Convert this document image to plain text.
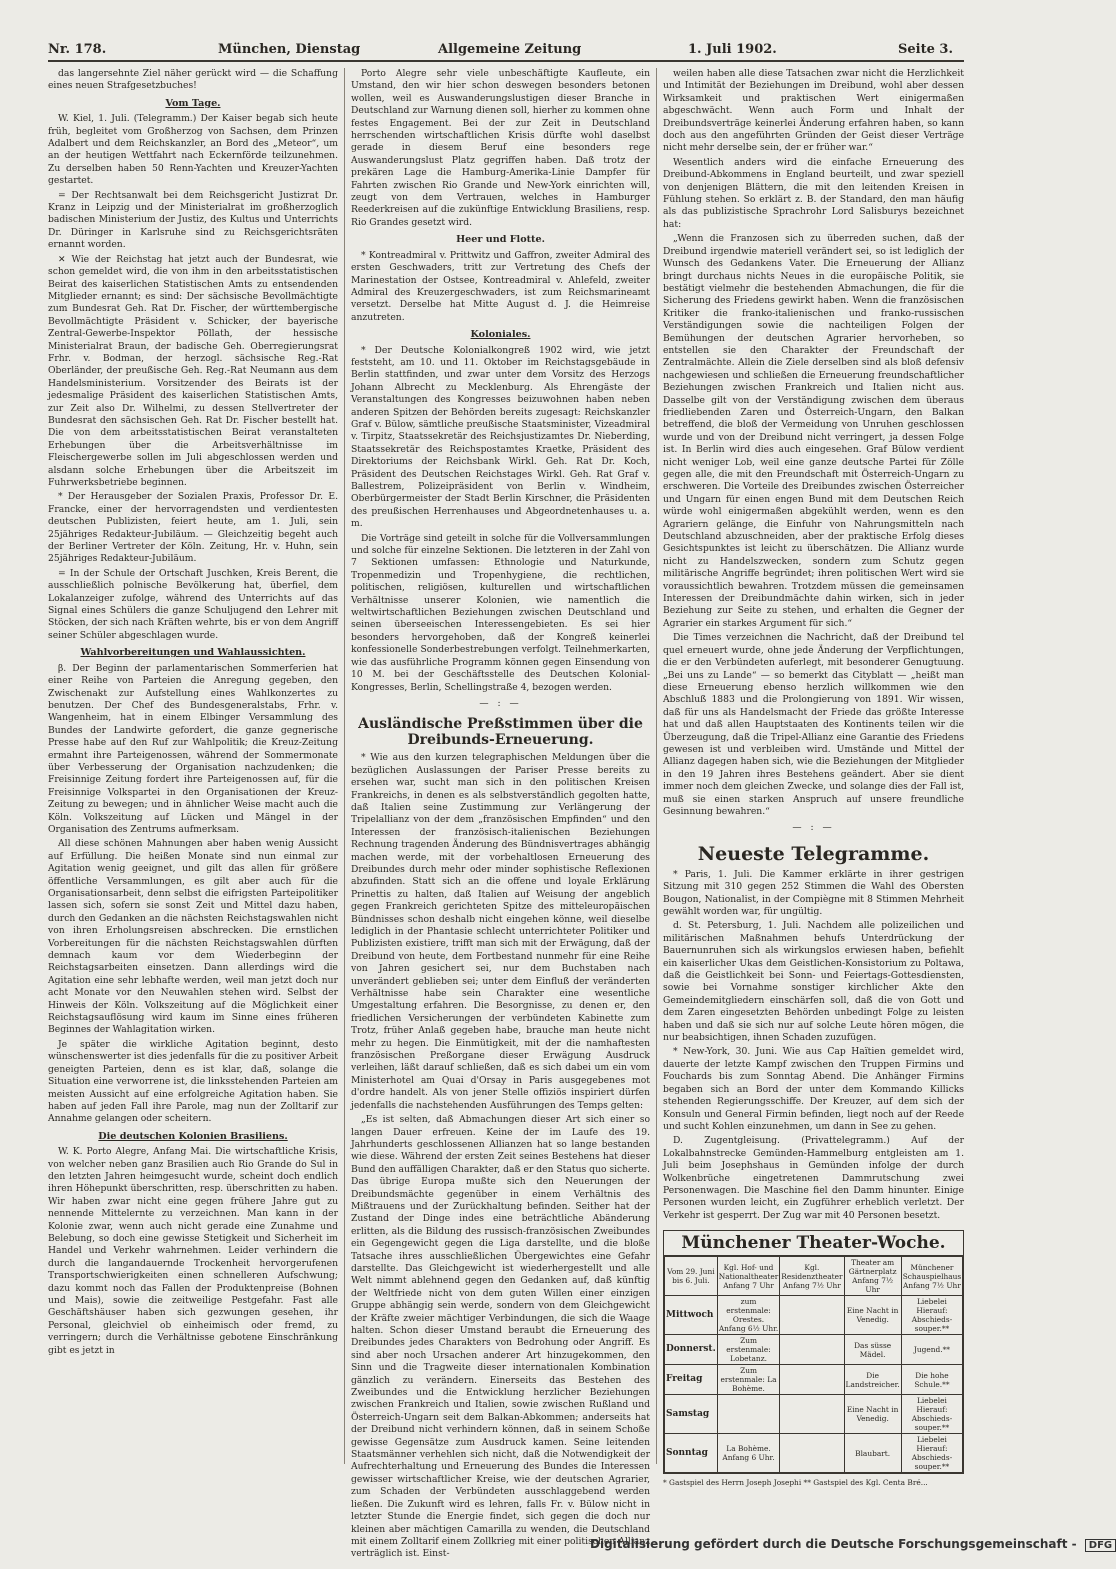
Nr. 178.	München, Dienstag	Allgemeine Zeitung	1. Juli 1902.	Seite 3.

das langersehnte Ziel näher gerückt wird — die Schaffung eines neuen Strafgesetzbuches!

Vom Tage.

W. Kiel, 1. Juli. (Telegramm.) Der Kaiser begab sich heute früh, begleitet vom Großherzog von Sachsen, dem Prinzen Adalbert und dem Reichskanzler, an Bord des „Meteor“, um an der heutigen Wettfahrt nach Eckernförde teilzunehmen. Zu derselben haben 50 Renn-Yachten und Kreuzer-Yachten gestartet.

= Der Rechtsanwalt bei dem Reichsgericht Justizrat Dr. Kranz in Leipzig und der Ministerialrat im großherzoglich badischen Ministerium der Justiz, des Kultus und Unterrichts Dr. Düringer in Karlsruhe sind zu Reichsgerichtsräten ernannt worden.

✕ Wie der Reichstag hat jetzt auch der Bundesrat, wie schon gemeldet wird, die von ihm in den arbeitsstatistischen Beirat des kaiserlichen Statistischen Amts zu entsendenden Mitglieder ernannt; es sind: Der sächsische Bevollmächtigte zum Bundesrat Geh. Rat Dr. Fischer, der württembergische Bevollmächtigte Präsident v. Schicker, der bayerische Zentral-Gewerbe-Inspektor Pöllath, der hessische Ministerialrat Braun, der badische Geh. Oberregierungsrat Frhr. v. Bodman, der herzogl. sächsische Reg.-Rat Oberländer, der preußische Geh. Reg.-Rat Neumann aus dem Handelsministerium. Vorsitzender des Beirats ist der jedesmalige Präsident des kaiserlichen Statistischen Amts, zur Zeit also Dr. Wilhelmi, zu dessen Stellvertreter der Bundesrat den sächsischen Geh. Rat Dr. Fischer bestellt hat. Die von dem arbeitsstatistischen Beirat veranstalteten Erhebungen über die Arbeitsverhältnisse im Fleischergewerbe sollen im Juli abgeschlossen werden und alsdann solche Erhebungen über die Arbeitszeit im Fuhrwerksbetriebe beginnen.

* Der Herausgeber der Sozialen Praxis, Professor Dr. E. Francke, einer der hervorragendsten und verdientesten deutschen Publizisten, feiert heute, am 1. Juli, sein 25jähriges Redakteur-Jubiläum. — Gleichzeitig begeht auch der Berliner Vertreter der Köln. Zeitung, Hr. v. Huhn, sein 25jähriges Redakteur-Jubiläum.

= In der Schule der Ortschaft Juschken, Kreis Berent, die ausschließlich polnische Bevölkerung hat, überfiel, dem Lokalanzeiger zufolge, während des Unterrichts auf das Signal eines Schülers die ganze Schuljugend den Lehrer mit Stöcken, der sich nach Kräften wehrte, bis er von dem Angriff seiner Schüler abgeschlagen wurde.

Wahlvorbereitungen und Wahlaussichten.

β. Der Beginn der parlamentarischen Sommerferien hat einer Reihe von Parteien die Anregung gegeben, den Zwischenakt zur Aufstellung eines Wahlkonzertes zu benutzen. Der Chef des Bundesgeneralstabs, Frhr. v. Wangenheim, hat in einem Elbinger Versammlung des Bundes der Landwirte gefordert, die ganze gegnerische Presse habe auf den Ruf zur Wahlpolitik; die Kreuz-Zeitung ermahnt ihre Parteigenossen, während der Sommermonate über Verbesserung der Organisation nachzudenken; die Freisinnige Zeitung fordert ihre Parteigenossen auf, für die Freisinnige Volkspartei in den Organisationen der Kreuz-Zeitung zu bewegen; und in ähnlicher Weise macht auch die Köln. Volkszeitung auf Lücken und Mängel in der Organisation des Zentrums aufmerksam.

All diese schönen Mahnungen aber haben wenig Aussicht auf Erfüllung. Die heißen Monate sind nun einmal zur Agitation wenig geeignet, und gilt das allen für größere öffentliche Versammlungen, es gilt aber auch für die Organisationsarbeit, denn selbst die eifrigsten Parteipolitiker lassen sich, sofern sie sonst Zeit und Mittel dazu haben, durch den Gedanken an die nächsten Reichstagswahlen nicht von ihren Erholungsreisen abschrecken. Die ernstlichen Vorbereitungen für die nächsten Reichstagswahlen dürften demnach kaum vor dem Wiederbeginn der Reichstagsarbeiten einsetzen. Dann allerdings wird die Agitation eine sehr lebhafte werden, weil man jetzt doch nur acht Monate vor den Neuwahlen stehen wird. Selbst der Hinweis der Köln. Volkszeitung auf die Möglichkeit einer Reichstagsauflösung wird kaum im Sinne eines früheren Beginnes der Wahlagitation wirken.

Je später die wirkliche Agitation beginnt, desto wünschenswerter ist dies jedenfalls für die zu positiver Arbeit geneigten Parteien, denn es ist klar, daß, solange die Situation eine verworrene ist, die linksstehenden Parteien am meisten Aussicht auf eine erfolgreiche Agitation haben. Sie haben auf jeden Fall ihre Parole, mag nun der Zolltarif zur Annahme gelangen oder scheitern.

Die deutschen Kolonien Brasiliens.

W. K. Porto Alegre, Anfang Mai. Die wirtschaftliche Krisis, von welcher neben ganz Brasilien auch Rio Grande do Sul in den letzten Jahren heimgesucht wurde, scheint doch endlich ihren Höhepunkt überschritten, resp. überschritten zu haben. Wir haben zwar nicht eine gegen frühere Jahre gut zu nennende Mittelernte zu verzeichnen. Man kann in der Kolonie zwar, wenn auch nicht gerade eine Zunahme und Belebung, so doch eine gewisse Stetigkeit und Sicherheit im Handel und Verkehr wahrnehmen. Leider verhindern die durch die langandauernde Trockenheit hervorgerufenen Transportschwierigkeiten einen schnelleren Aufschwung; dazu kommt noch das Fallen der Produktenpreise (Bohnen und Mais), sowie die zeitweilige Pestgefahr. Fast alle Geschäftshäuser haben sich gezwungen gesehen, ihr Personal, gleichviel ob einheimisch oder fremd, zu verringern; durch die Verhältnisse gebotene Einschränkung gibt es jetzt in

Porto Alegre sehr viele unbeschäftigte Kaufleute, ein Umstand, den wir hier schon deswegen besonders betonen wollen, weil es Auswanderungslustigen dieser Branche in Deutschland zur Warnung dienen soll, hierher zu kommen ohne festes Engagement. Bei der zur Zeit in Deutschland herrschenden wirtschaftlichen Krisis dürfte wohl daselbst gerade in diesem Beruf eine besonders rege Auswanderungslust Platz gegriffen haben. Daß trotz der prekären Lage die Hamburg-Amerika-Linie Dampfer für Fahrten zwischen Rio Grande und New-York einrichten will, zeugt von dem Vertrauen, welches in Hamburger Reederkreisen auf die zukünftige Entwicklung Brasiliens, resp. Rio Grandes gesetzt wird.

Heer und Flotte.

* Kontreadmiral v. Prittwitz und Gaffron, zweiter Admiral des ersten Geschwaders, tritt zur Vertretung des Chefs der Marinestation der Ostsee, Kontreadmiral v. Ahlefeld, zweiter Admiral des Kreuzergeschwaders, ist zum Reichsmarineamt versetzt. Derselbe hat Mitte August d. J. die Heimreise anzutreten.

Koloniales.

* Der Deutsche Kolonialkongreß 1902 wird, wie jetzt feststeht, am 10. und 11. Oktober im Reichstagsgebäude in Berlin stattfinden, und zwar unter dem Vorsitz des Herzogs Johann Albrecht zu Mecklenburg. Als Ehrengäste der Veranstaltungen des Kongresses beizuwohnen haben neben anderen Spitzen der Behörden bereits zugesagt: Reichskanzler Graf v. Bülow, sämtliche preußische Staatsminister, Vizeadmiral v. Tirpitz, Staatssekretär des Reichsjustizamtes Dr. Nieberding, Staatssekretär des Reichspostamtes Kraetke, Präsident des Direktoriums der Reichsbank Wirkl. Geh. Rat Dr. Koch, Präsident des Deutschen Reichstages Wirkl. Geh. Rat Graf v. Ballestrem, Polizeipräsident von Berlin v. Windheim, Oberbürgermeister der Stadt Berlin Kirschner, die Präsidenten des preußischen Herrenhauses und Abgeordnetenhauses u. a. m.

Die Vorträge sind geteilt in solche für die Vollversammlungen und solche für einzelne Sektionen. Die letzteren in der Zahl von 7 Sektionen umfassen: Ethnologie und Naturkunde, Tropenmedizin und Tropenhygiene, die rechtlichen, politischen, religiösen, kulturellen und wirtschaftlichen Verhältnisse unserer Kolonien, wie namentlich die weltwirtschaftlichen Beziehungen zwischen Deutschland und seinen überseeischen Interessengebieten. Es sei hier besonders hervorgehoben, daß der Kongreß keinerlei konfessionelle Sonderbestrebungen verfolgt. Teilnehmerkarten, wie das ausführliche Programm können gegen Einsendung von 10 M. bei der Geschäftsstelle des Deutschen Kolonial-Kongresses, Berlin, Schellingstraße 4, bezogen werden.

— : —

Ausländische Preßstimmen über die Dreibunds-Erneuerung.

* Wie aus den kurzen telegraphischen Meldungen über die bezüglichen Auslassungen der Pariser Presse bereits zu ersehen war, sucht man sich in den politischen Kreisen Frankreichs, in denen es als selbstverständlich gegolten hatte, daß Italien seine Zustimmung zur Verlängerung der Tripelallianz von der dem „französischen Empfinden“ und den Interessen der französisch-italienischen Beziehungen Rechnung tragenden Änderung des Bündnisvertrages abhängig machen werde, mit der vorbehaltlosen Erneuerung des Dreibundes durch mehr oder minder sophistische Reflexionen abzufinden. Statt sich an die offene und loyale Erklärung Prinettis zu halten, daß Italien auf Weisung der angeblich gegen Frankreich gerichteten Spitze des mitteleuropäischen Bündnisses schon deshalb nicht eingehen könne, weil dieselbe lediglich in der Phantasie schlecht unterrichteter Politiker und Publizisten existiere, trifft man sich mit der Erwägung, daß der Dreibund von heute, dem Fortbestand nunmehr für eine Reihe von Jahren gesichert sei, nur dem Buchstaben nach unverändert geblieben sei; unter dem Einfluß der veränderten Verhältnisse habe sein Charakter eine wesentliche Umgestaltung erfahren. Die Besorgnisse, zu denen er, den friedlichen Versicherungen der verbündeten Kabinette zum Trotz, früher Anlaß gegeben habe, brauche man heute nicht mehr zu hegen. Die Einmütigkeit, mit der die namhaftesten französischen Preßorgane dieser Erwägung Ausdruck verleihen, läßt darauf schließen, daß es sich dabei um ein vom Ministerhotel am Quai d'Orsay in Paris ausgegebenes mot d'ordre handelt. Als von jener Stelle offiziös inspiriert dürfen jedenfalls die nachstehenden Ausführungen des Temps gelten:

„Es ist selten, daß Abmachungen dieser Art sich einer so langen Dauer erfreuen. Keine der im Laufe des 19. Jahrhunderts geschlossenen Allianzen hat so lange bestanden wie diese. Während der ersten Zeit seines Bestehens hat dieser Bund den auffälligen Charakter, daß er den Status quo sicherte. Das übrige Europa mußte sich den Neuerungen der Dreibundsmächte gegenüber in einem Verhältnis des Mißtrauens und der Zurückhaltung befinden. Seither hat der Zustand der Dinge indes eine beträchtliche Abänderung erlitten, als die Bildung des russisch-französischen Zweibundes ein Gegengewicht gegen die Liga darstellte, und die bloße Tatsache ihres ausschließlichen Übergewichtes eine Gefahr darstellte. Das Gleichgewicht ist wiederhergestellt und alle Welt nimmt ablehnend gegen den Gedanken auf, daß künftig der Weltfriede nicht von dem guten Willen einer einzigen Gruppe abhängig sein werde, sondern von dem Gleichgewicht der Kräfte zweier mächtiger Verbindungen, die sich die Waage halten. Schon dieser Umstand beraubt die Erneuerung des Dreibundes jedes Charakters von Bedrohung oder Angriff. Es sind aber noch Ursachen anderer Art hinzugekommen, den Sinn und die Tragweite dieser internationalen Kombination gänzlich zu verändern. Einerseits das Bestehen des Zweibundes und die Entwicklung herzlicher Beziehungen zwischen Frankreich und Italien, sowie zwischen Rußland und Österreich-Ungarn seit dem Balkan-Abkommen; anderseits hat der Dreibund nicht verhindern können, daß in seinem Schoße gewisse Gegensätze zum Ausdruck kamen. Seine leitenden Staatsmänner verhehlen sich nicht, daß die Notwendigkeit der Aufrechterhaltung und Erneuerung des Bundes die Interessen gewisser wirtschaftlicher Kreise, wie der deutschen Agrarier, zum Schaden der Verbündeten ausschlaggebend werden ließen. Die Zukunft wird es lehren, falls Fr. v. Bülow nicht in letzter Stunde die Energie findet, sich gegen die doch nur kleinen aber mächtigen Camarilla zu wenden, die Deutschland mit einem Zolltarif einem Zollkrieg mit einer politischen Allianz verträglich ist. Einst-

weilen haben alle diese Tatsachen zwar nicht die Herzlichkeit und Intimität der Beziehungen im Dreibund, wohl aber dessen Wirksamkeit und praktischen Wert einigermaßen abgeschwächt. Wenn auch Form und Inhalt der Dreibundsverträge keinerlei Änderung erfahren haben, so kann doch aus den angeführten Gründen der Geist dieser Verträge nicht mehr derselbe sein, der er früher war.“

Wesentlich anders wird die einfache Erneuerung des Dreibund-Abkommens in England beurteilt, und zwar speziell von denjenigen Blättern, die mit den leitenden Kreisen in Fühlung stehen. So erklärt z. B. der Standard, den man häufig als das publizistische Sprachrohr Lord Salisburys bezeichnet hat:

„Wenn die Franzosen sich zu überreden suchen, daß der Dreibund irgendwie materiell verändert sei, so ist lediglich der Wunsch des Gedankens Vater. Die Erneuerung der Allianz bringt durchaus nichts Neues in die europäische Politik, sie bestätigt vielmehr die bestehenden Abmachungen, die für die Sicherung des Friedens gewirkt haben. Wenn die französischen Kritiker die franko-italienischen und franko-russischen Verständigungen sowie die nachteiligen Folgen der Bemühungen der deutschen Agrarier hervorheben, so entstellen sie den Charakter der Freundschaft der Zentralmächte. Allein die Ziele derselben sind als bloß defensiv nachgewiesen und schließen die Erneuerung freundschaftlicher Beziehungen zwischen Frankreich und Italien nicht aus. Dasselbe gilt von der Verständigung zwischen dem überaus friedliebenden Zaren und Österreich-Ungarn, den Balkan betreffend, die bloß der Vermeidung von Unruhen geschlossen wurde und von der Dreibund nicht verringert, ja dessen Folge ist. In Berlin wird dies auch eingesehen. Graf Bülow verdient nicht weniger Lob, weil eine ganze deutsche Partei für Zölle gegen alle, die mit den Freundschaft mit Österreich-Ungarn zu erschweren. Die Vorteile des Dreibundes zwischen Österreicher und Ungarn für einen engen Bund mit dem Deutschen Reich würde wohl einigermaßen abgekühlt werden, wenn es den Agrariern gelänge, die Einfuhr von Nahrungsmitteln nach Deutschland abzuschneiden, aber der praktische Erfolg dieses Gesichtspunktes ist leicht zu überschätzen. Die Allianz wurde nicht zu Handelszwecken, sondern zum Schutz gegen militärische Angriffe begründet; ihren politischen Wert wird sie voraussichtlich bewahren. Trotzdem müssen die gemeinsamen Interessen der Dreibundmächte dahin wirken, sich in jeder Beziehung zur Seite zu stehen, und erhalten die Gegner der Agrarier ein starkes Argument für sich.“

Die Times verzeichnen die Nachricht, daß der Dreibund tel quel erneuert wurde, ohne jede Änderung der Verpflichtungen, die er den Verbündeten auferlegt, mit besonderer Genugtuung. „Bei uns zu Lande“ — so bemerkt das Cityblatt — „heißt man diese Erneuerung ebenso herzlich willkommen wie den Abschluß 1883 und die Prolongierung von 1891. Wir wissen, daß für uns als Handelsmacht der Friede das größte Interesse hat und daß allen Hauptstaaten des Kontinents teilen wir die Überzeugung, daß die Tripel-Allianz eine Garantie des Friedens gewesen ist und verbleiben wird. Umstände und Mittel der Allianz dagegen haben sich, wie die Beziehungen der Mitglieder in den 19 Jahren ihres Bestehens geändert. Aber sie dient immer noch dem gleichen Zwecke, und solange dies der Fall ist, muß sie einen starken Anspruch auf unsere freundliche Gesinnung bewahren.“

— : —

Neueste Telegramme.

* Paris, 1. Juli. Die Kammer erklärte in ihrer gestrigen Sitzung mit 310 gegen 252 Stimmen die Wahl des Obersten Bougon, Nationalist, in der Compiègne mit 8 Stimmen Mehrheit gewählt worden war, für ungültig.

d. St. Petersburg, 1. Juli. Nachdem alle polizeilichen und militärischen Maßnahmen behufs Unterdrückung der Bauernunruhen sich als wirkungslos erwiesen haben, befiehlt ein kaiserlicher Ukas dem Geistlichen-Konsistorium zu Poltawa, daß die Geistlichkeit bei Sonn- und Feiertags-Gottesdiensten, sowie bei Vornahme sonstiger kirchlicher Akte den Gemeindemitgliedern einschärfen soll, daß die von Gott und dem Zaren eingesetzten Behörden unbedingt Folge zu leisten haben und daß sie sich nur auf solche Leute hören mögen, die nur beabsichtigen, ihnen Schaden zuzufügen.

* New-York, 30. Juni. Wie aus Cap Haïtien gemeldet wird, dauerte der letzte Kampf zwischen den Truppen Firmins und Fouchards bis zum Sonntag Abend. Die Anhänger Firmins begaben sich an Bord der unter dem Kommando Killicks stehenden Regierungsschiffe. Der Kreuzer, auf dem sich der Konsuln und General Firmin befinden, liegt noch auf der Reede und sucht Kohlen einzunehmen, um dann in See zu gehen.

D. Zugentgleisung. (Privattelegramm.) Auf der Lokalbahnstrecke Gemünden-Hammelburg entgleisten am 1. Juli beim Josephshaus in Gemünden infolge der durch Wolkenbrüche eingetretenen Dammrutschung zwei Personenwagen. Die Maschine fiel den Damm hinunter. Einige Personen wurden leicht, ein Zugführer erheblich verletzt. Der Verkehr ist gesperrt. Der Zug war mit 40 Personen besetzt.

Münchener Theater-Woche.
Vom 29. Juni bis 6. Juli.	Kgl. Hof- und Nationaltheater Anfang 7 Uhr	Kgl. Residenztheater Anfang 7½ Uhr	Theater am Gärtnerplatz Anfang 7½ Uhr	Münchener Schauspielhaus Anfang 7½ Uhr
Mittwoch	zum erstenmale: Orestes. Anfang 6½ Uhr.		Eine Nacht in Venedig.	Liebelei Hierauf: Abschieds-souper.**
Donnerst.	Zum erstenmale: Lobetanz.		Das süsse Mädel.	Jugend.**
Freitag	Zum erstenmale: La Bohème.		Die Landstreicher.	Die hohe Schule.**
Samstag			Eine Nacht in Venedig.	Liebelei Hierauf: Abschieds-souper.**
Sonntag	La Bohème. Anfang 6 Uhr.		Blaubart.	Liebelei Hierauf: Abschieds-souper.**

* Gastspiel des Herrn Joseph Josephi ** Gastspiel des Kgl. Centa Bré...

Digitalisierung gefördert durch die Deutsche Forschungsgemeinschaft - DFG
